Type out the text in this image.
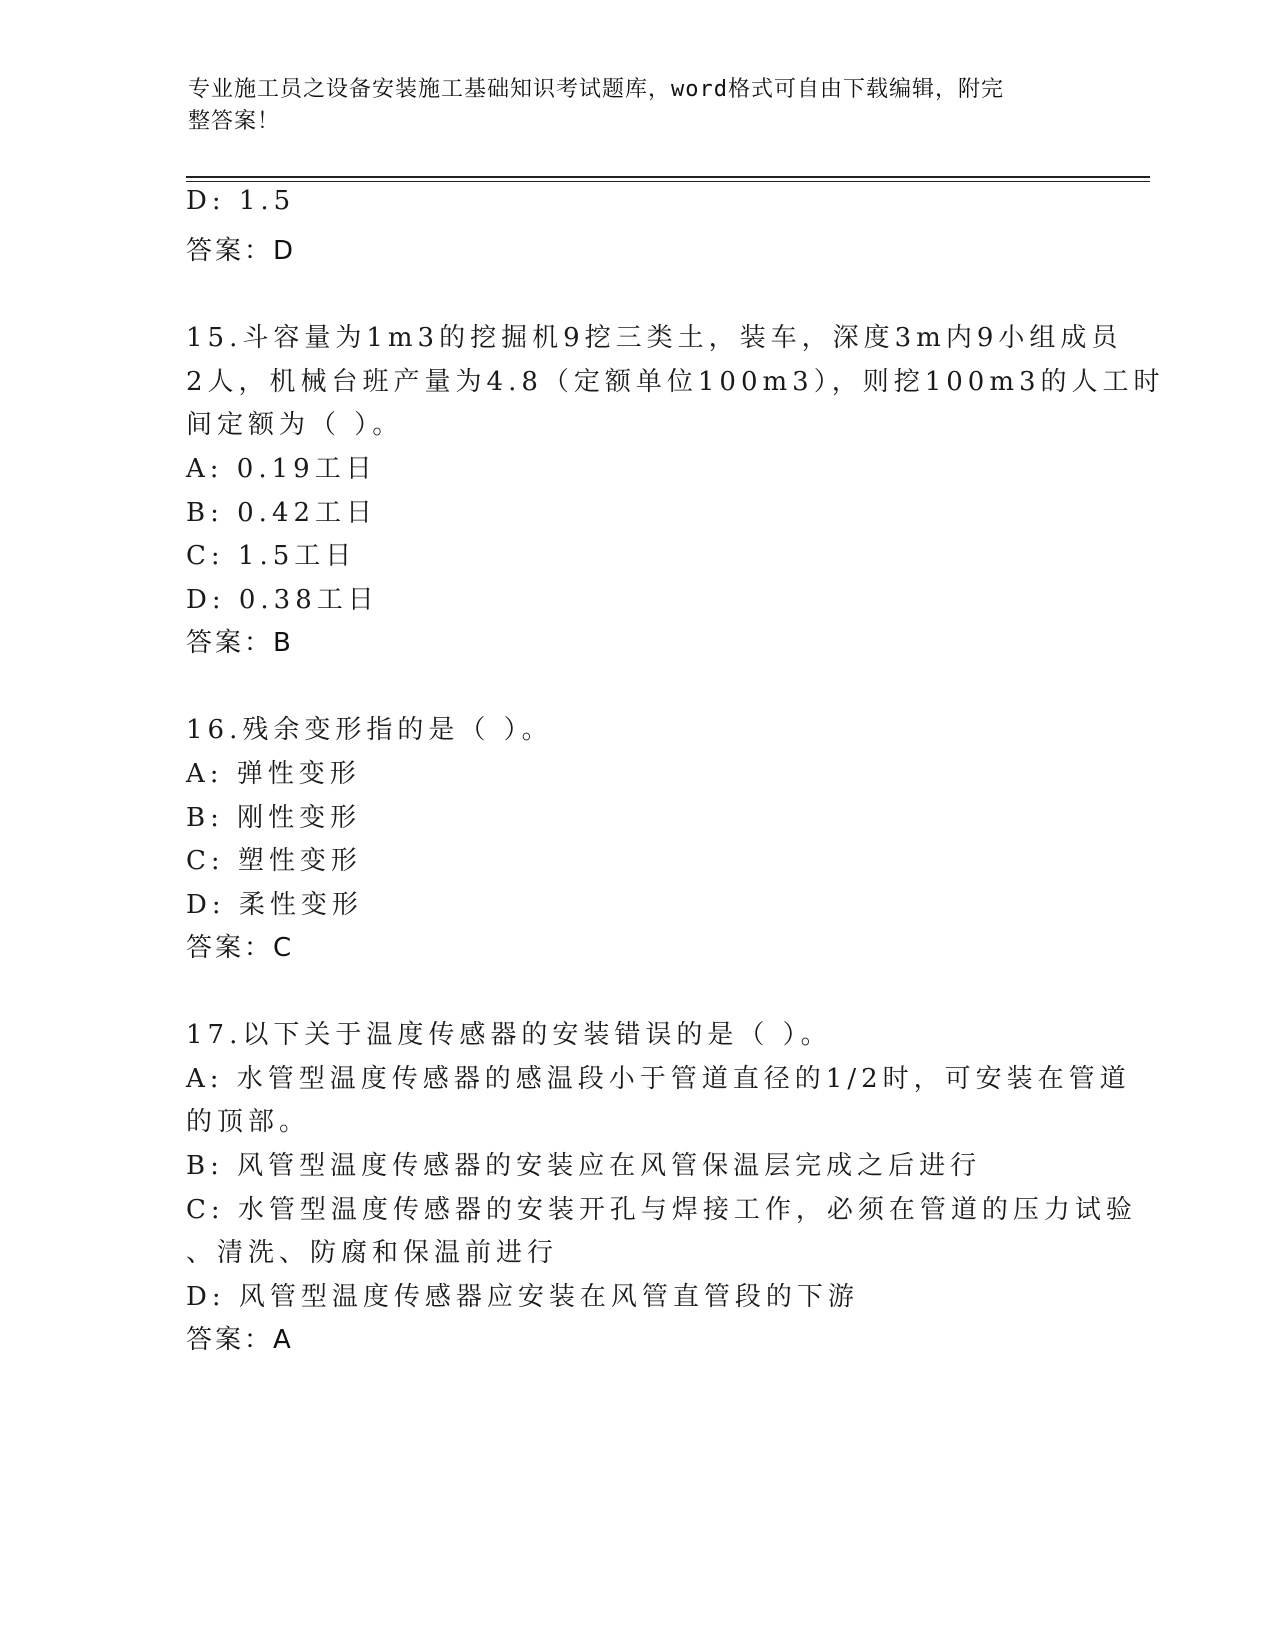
专业施工员之设备安装施工基础知识考试题库，word格式可自由下载编辑，附完
整答案！
D: 1.5
答案：D
15.斗容量为1m3的挖掘机9挖三类土，装车，深度3m内9小组成员
2人，机械台班产量为4.8（定额单位100m3），则挖100m3的人工时
间定额为（ ）。
A: 0.19工日
B: 0.42工日
C: 1.5工日
D: 0.38工日
答案：B
16.残余变形指的是（ ）。
A: 弹性变形
B: 刚性变形
C: 塑性变形
D: 柔性变形
答案：C
17.以下关于温度传感器的安装错误的是（ ）。
A: 水管型温度传感器的感温段小于管道直径的1/2时，可安装在管道
的顶部。
B: 风管型温度传感器的安装应在风管保温层完成之后进行
C: 水管型温度传感器的安装开孔与焊接工作，必须在管道的压力试验
、清洗、防腐和保温前进行
D: 风管型温度传感器应安装在风管直管段的下游
答案：A
